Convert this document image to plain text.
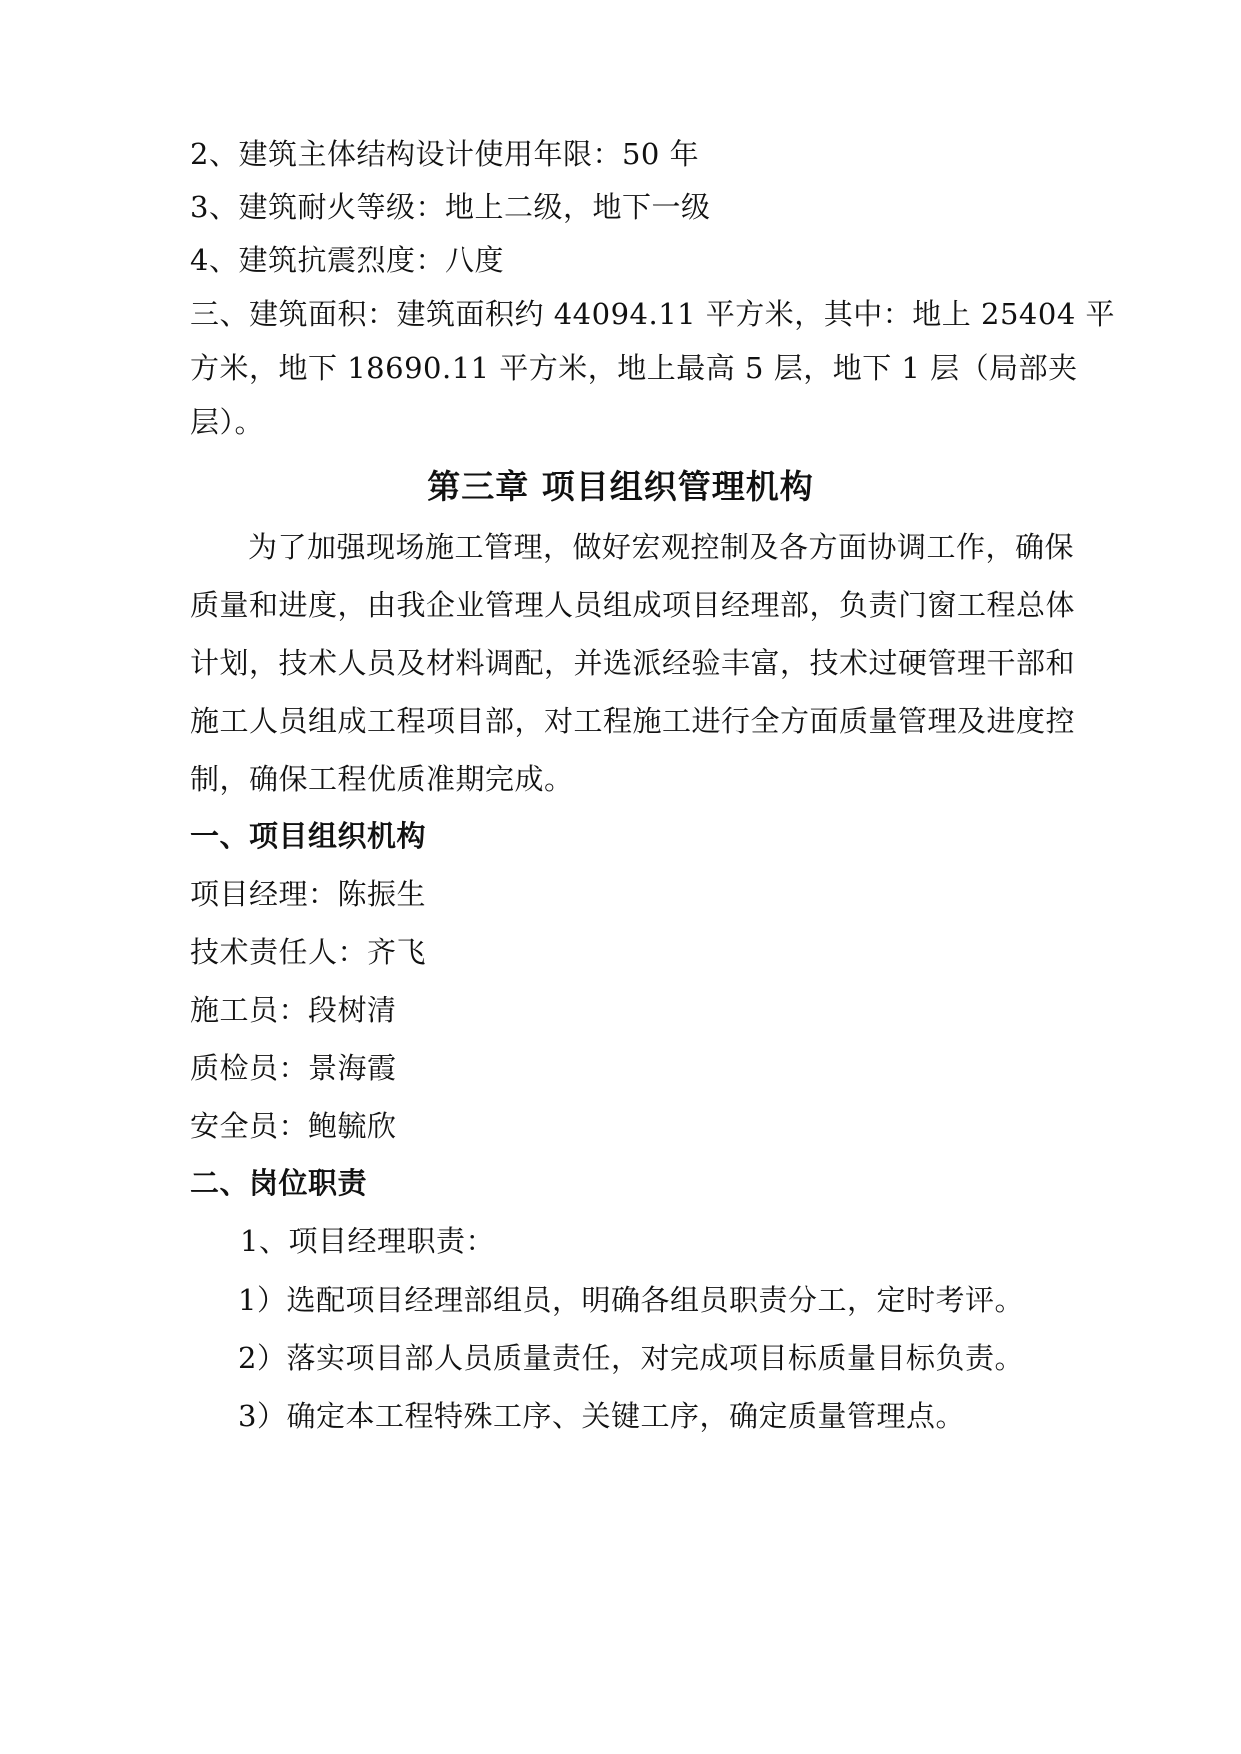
2、建筑主体结构设计使用年限：50 年
3、建筑耐火等级：地上二级，地下一级
4、建筑抗震烈度：八度
三、建筑面积：建筑面积约 44094.11 平方米，其中：地上 25404 平
方米，地下 18690.11 平方米，地上最高 5 层，地下 1 层（局部夹
层）。
第三章 项目组织管理机构
为了加强现场施工管理，做好宏观控制及各方面协调工作，确保
质量和进度，由我企业管理人员组成项目经理部，负责门窗工程总体
计划，技术人员及材料调配，并选派经验丰富，技术过硬管理干部和
施工人员组成工程项目部，对工程施工进行全方面质量管理及进度控
制，确保工程优质准期完成。
一、项目组织机构
项目经理：陈振生
技术责任人：齐飞
施工员：段树清
质检员：景海霞
安全员：鲍毓欣
二、岗位职责
1、项目经理职责：
1）选配项目经理部组员，明确各组员职责分工，定时考评。
2）落实项目部人员质量责任，对完成项目标质量目标负责。
3）确定本工程特殊工序、关键工序，确定质量管理点。
